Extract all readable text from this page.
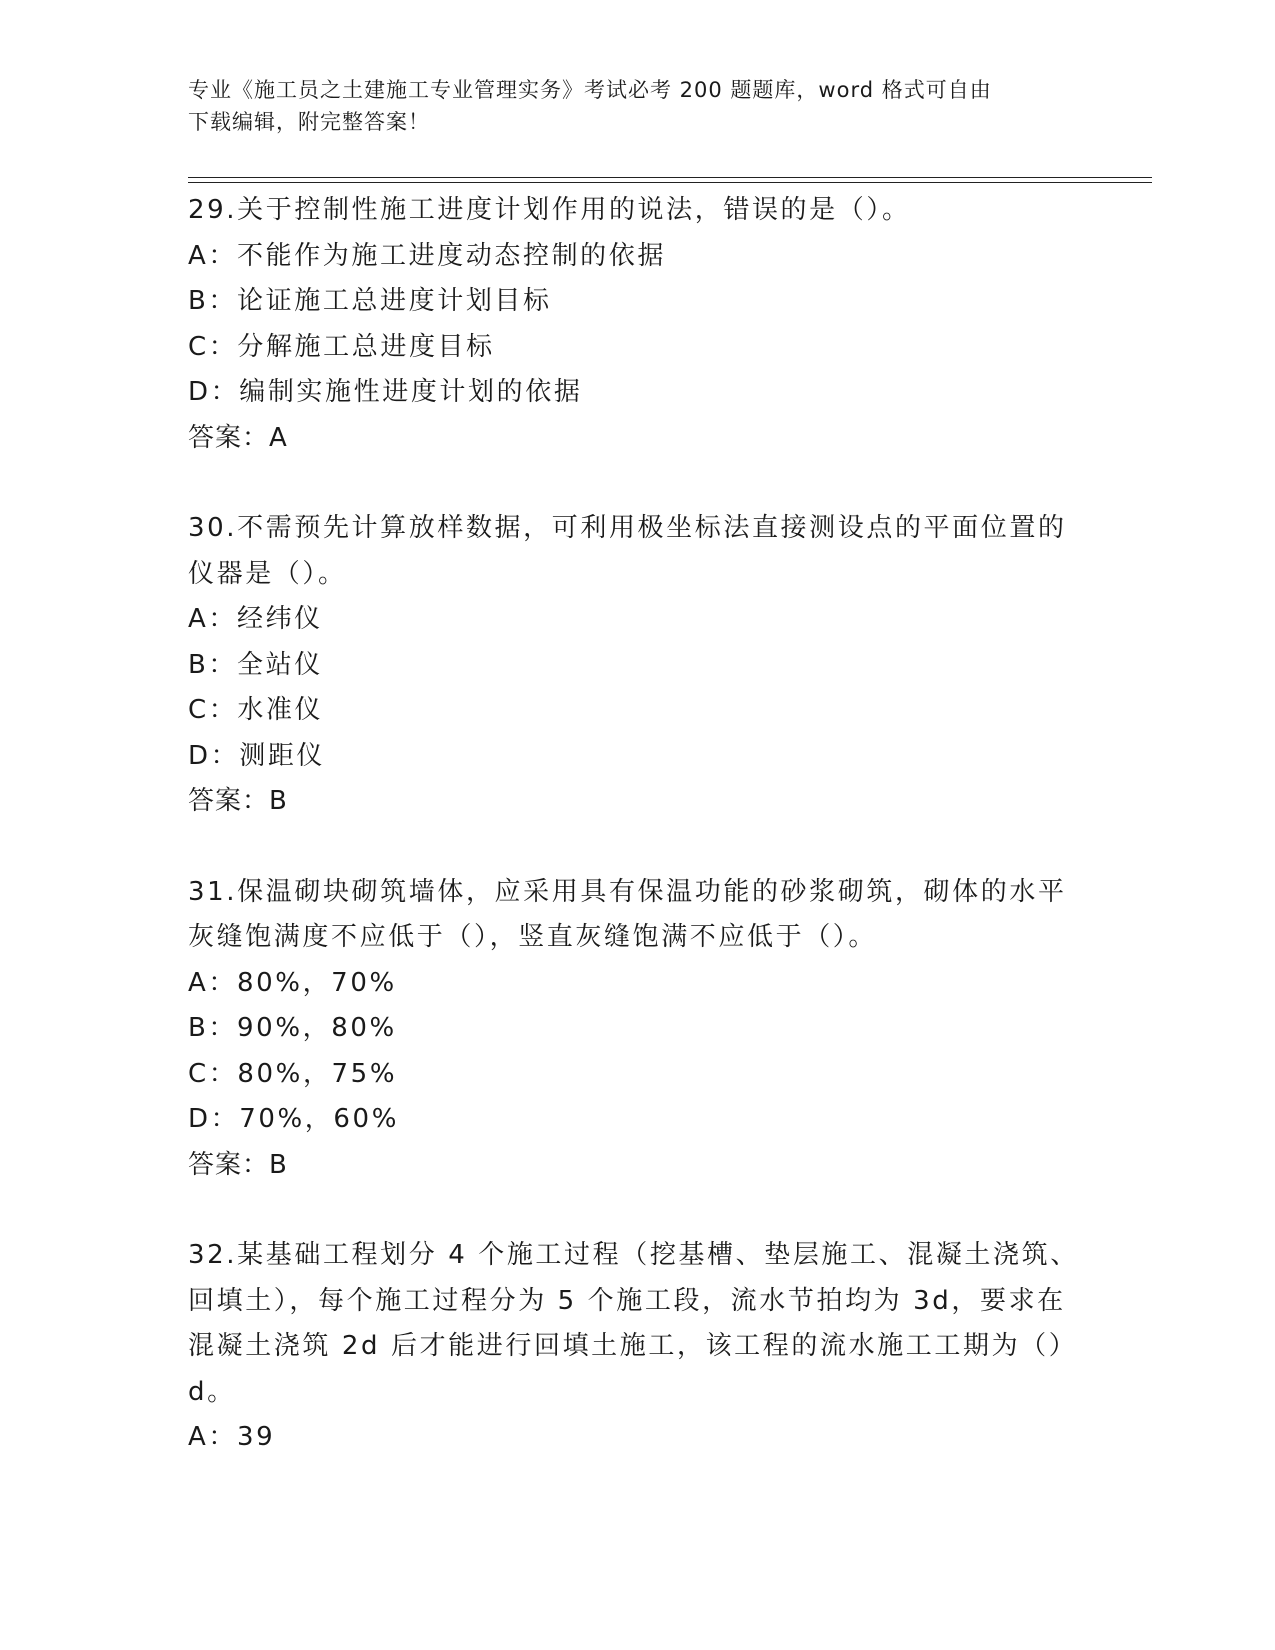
专业《施工员之土建施工专业管理实务》考试必考 200 题题库，word 格式可自由
下载编辑，附完整答案！
29.关于控制性施工进度计划作用的说法，错误的是（）。
A：不能作为施工进度动态控制的依据
B：论证施工总进度计划目标
C：分解施工总进度目标
D：编制实施性进度计划的依据
答案：A
30.不需预先计算放样数据，可利用极坐标法直接测设点的平面位置的
仪器是（）。
A：经纬仪
B：全站仪
C：水准仪
D：测距仪
答案：B
31.保温砌块砌筑墙体，应采用具有保温功能的砂浆砌筑，砌体的水平
灰缝饱满度不应低于（），竖直灰缝饱满不应低于（）。
A：80%，70%
B：90%，80%
C：80%，75%
D：70%，60%
答案：B
32.某基础工程划分 4 个施工过程（挖基槽、垫层施工、混凝土浇筑、
回填土），每个施工过程分为 5 个施工段，流水节拍均为 3d，要求在
混凝土浇筑 2d 后才能进行回填土施工，该工程的流水施工工期为（）
d。
A：39
